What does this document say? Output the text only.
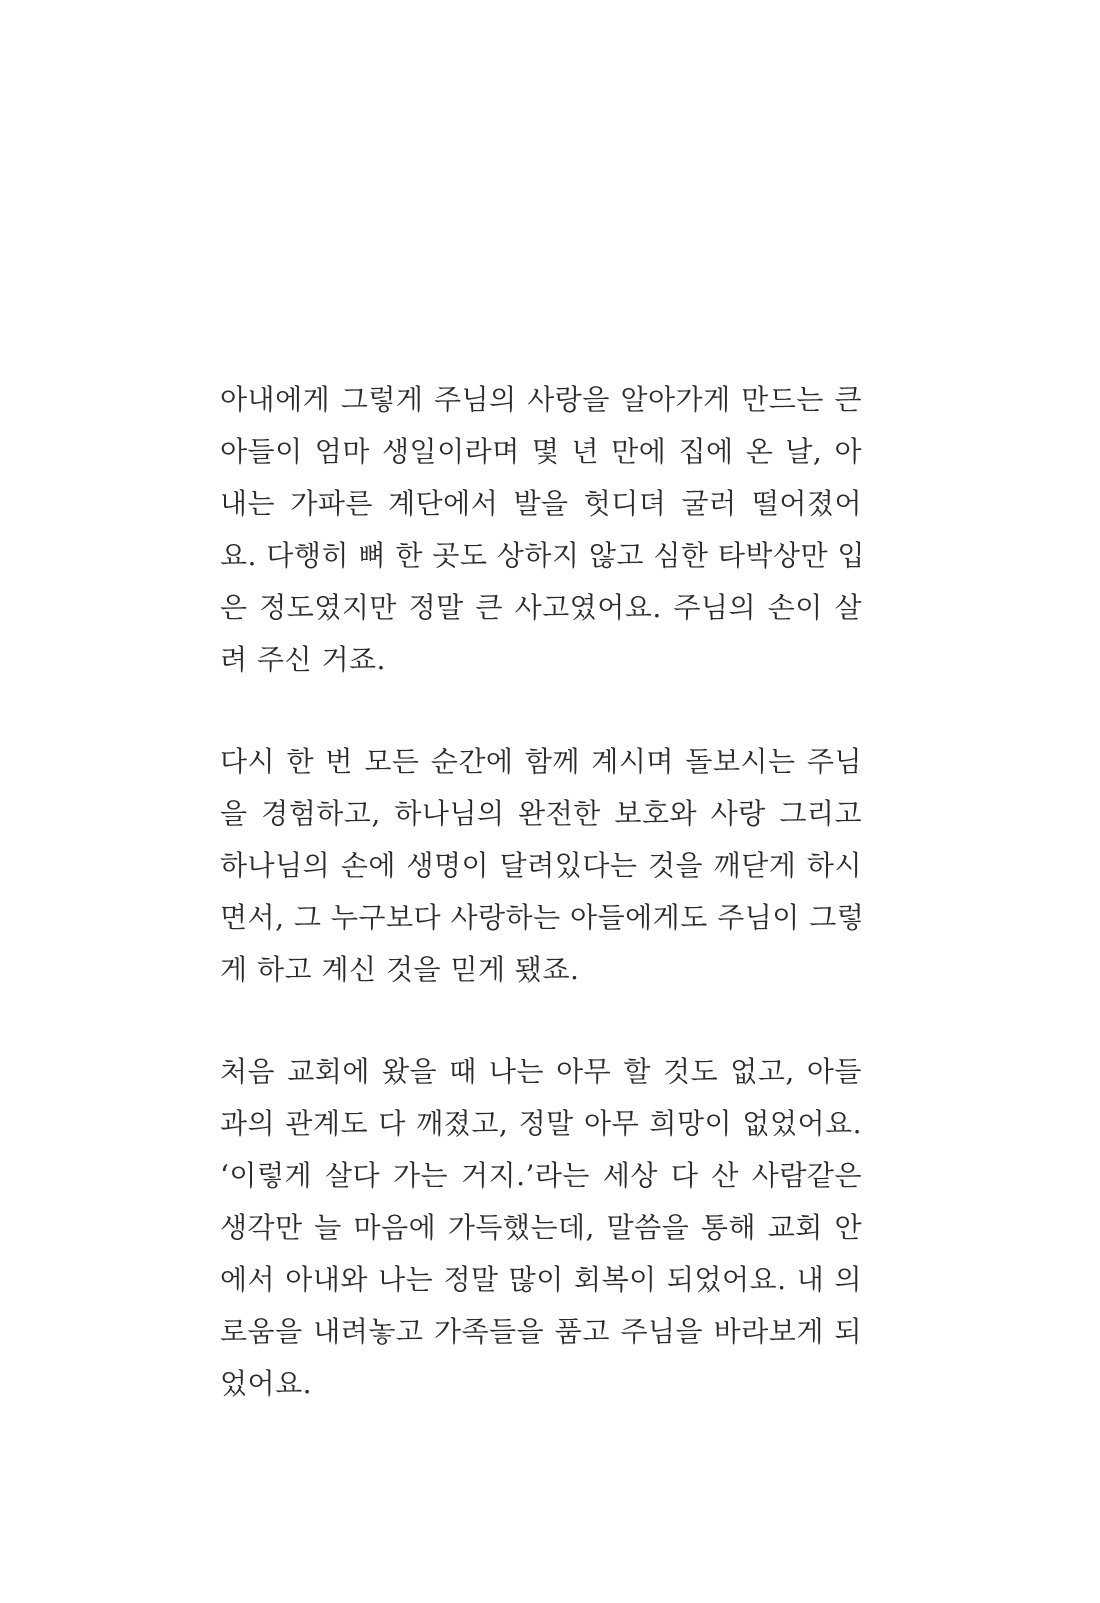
아내에게 그렇게 주님의 사랑을 알아가게 만드는 큰
아들이 엄마 생일이라며 몇 년 만에 집에 온 날, 아
내는 가파른 계단에서 발을 헛디뎌 굴러 떨어졌어
요. 다행히 뼈 한 곳도 상하지 않고 심한 타박상만 입
은 정도였지만 정말 큰 사고였어요. 주님의 손이 살
려 주신 거죠.
다시 한 번 모든 순간에 함께 계시며 돌보시는 주님
을 경험하고, 하나님의 완전한 보호와 사랑 그리고
하나님의 손에 생명이 달려있다는 것을 깨닫게 하시
면서, 그 누구보다 사랑하는 아들에게도 주님이 그렇
게 하고 계신 것을 믿게 됐죠.
처음 교회에 왔을 때 나는 아무 할 것도 없고, 아들
과의 관계도 다 깨졌고, 정말 아무 희망이 없었어요.
‘이렇게 살다 가는 거지.’라는 세상 다 산 사람같은
생각만 늘 마음에 가득했는데, 말씀을 통해 교회 안
에서 아내와 나는 정말 많이 회복이 되었어요. 내 의
로움을 내려놓고 가족들을 품고 주님을 바라보게 되
었어요.
